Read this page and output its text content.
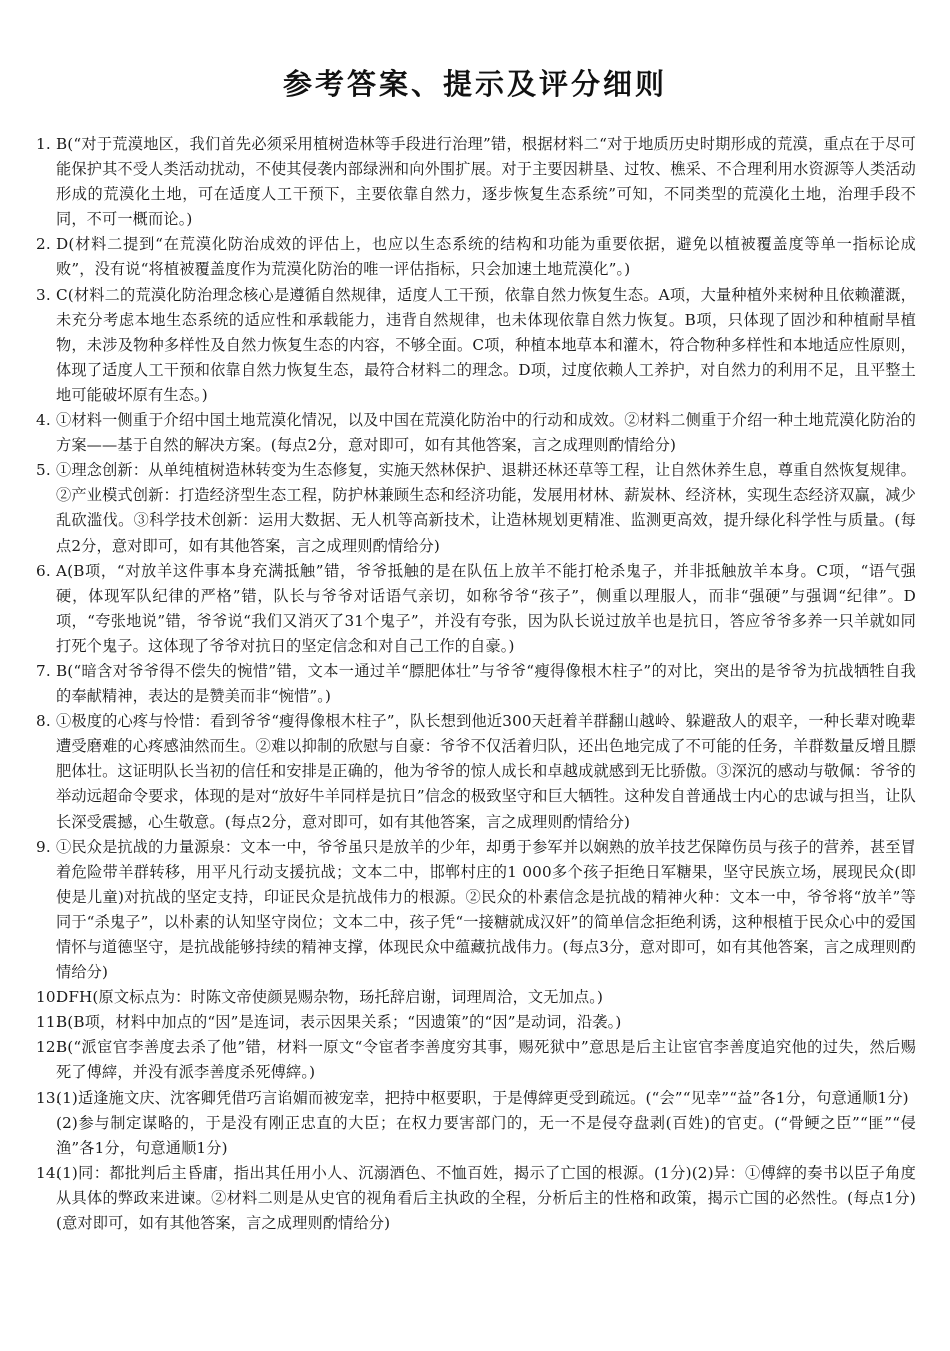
参考答案、提示及评分细则

1. B(“对于荒漠地区，我们首先必须采用植树造林等手段进行治理”错，根据材料二“对于地质历史时期形成的荒漠，重点在于尽可能保护其不受人类活动扰动，不使其侵袭内部绿洲和向外围扩展。对于主要因耕垦、过牧、樵采、不合理利用水资源等人类活动形成的荒漠化土地，可在适度人工干预下，主要依靠自然力，逐步恢复生态系统”可知，不同类型的荒漠化土地，治理手段不同，不可一概而论。)

2. D(材料二提到“在荒漠化防治成效的评估上，也应以生态系统的结构和功能为重要依据，避免以植被覆盖度等单一指标论成败”，没有说“将植被覆盖度作为荒漠化防治的唯一评估指标，只会加速土地荒漠化”。)

3. C(材料二的荒漠化防治理念核心是遵循自然规律，适度人工干预，依靠自然力恢复生态。A项，大量种植外来树种且依赖灌溉，未充分考虑本地生态系统的适应性和承载能力，违背自然规律，也未体现依靠自然力恢复。B项，只体现了固沙和种植耐旱植物，未涉及物种多样性及自然力恢复生态的内容，不够全面。C项，种植本地草本和灌木，符合物种多样性和本地适应性原则，体现了适度人工干预和依靠自然力恢复生态，最符合材料二的理念。D项，过度依赖人工养护，对自然力的利用不足，且平整土地可能破坏原有生态。)

4. ①材料一侧重于介绍中国土地荒漠化情况，以及中国在荒漠化防治中的行动和成效。②材料二侧重于介绍一种土地荒漠化防治的方案——基于自然的解决方案。(每点2分，意对即可，如有其他答案，言之成理则酌情给分)

5. ①理念创新：从单纯植树造林转变为生态修复，实施天然林保护、退耕还林还草等工程，让自然休养生息，尊重自然恢复规律。②产业模式创新：打造经济型生态工程，防护林兼顾生态和经济功能，发展用材林、薪炭林、经济林，实现生态经济双赢，减少乱砍滥伐。③科学技术创新：运用大数据、无人机等高新技术，让造林规划更精准、监测更高效，提升绿化科学性与质量。(每点2分，意对即可，如有其他答案，言之成理则酌情给分)

6. A(B项，“对放羊这件事本身充满抵触”错，爷爷抵触的是在队伍上放羊不能打枪杀鬼子，并非抵触放羊本身。C项，“语气强硬，体现军队纪律的严格”错，队长与爷爷对话语气亲切，如称爷爷“孩子”，侧重以理服人，而非“强硬”与强调“纪律”。D项，“夸张地说”错，爷爷说“我们又消灭了31个鬼子”，并没有夸张，因为队长说过放羊也是抗日，答应爷爷多养一只羊就如同打死个鬼子。这体现了爷爷对抗日的坚定信念和对自己工作的自豪。)

7. B(“暗含对爷爷得不偿失的惋惜”错，文本一通过羊“膘肥体壮”与爷爷“瘦得像根木柱子”的对比，突出的是爷爷为抗战牺牲自我的奉献精神，表达的是赞美而非“惋惜”。)

8. ①极度的心疼与怜惜：看到爷爷“瘦得像根木柱子”，队长想到他近300天赶着羊群翻山越岭、躲避敌人的艰辛，一种长辈对晚辈遭受磨难的心疼感油然而生。②难以抑制的欣慰与自豪：爷爷不仅活着归队，还出色地完成了不可能的任务，羊群数量反增且膘肥体壮。这证明队长当初的信任和安排是正确的，他为爷爷的惊人成长和卓越成就感到无比骄傲。③深沉的感动与敬佩：爷爷的举动远超命令要求，体现的是对“放好牛羊同样是抗日”信念的极致坚守和巨大牺牲。这种发自普通战士内心的忠诚与担当，让队长深受震撼，心生敬意。(每点2分，意对即可，如有其他答案，言之成理则酌情给分)

9. ①民众是抗战的力量源泉：文本一中，爷爷虽只是放羊的少年，却勇于参军并以娴熟的放羊技艺保障伤员与孩子的营养，甚至冒着危险带羊群转移，用平凡行动支援抗战；文本二中，邯郸村庄的1 000多个孩子拒绝日军糖果，坚守民族立场，展现民众(即使是儿童)对抗战的坚定支持，印证民众是抗战伟力的根源。②民众的朴素信念是抗战的精神火种：文本一中，爷爷将“放羊”等同于“杀鬼子”，以朴素的认知坚守岗位；文本二中，孩子凭“一接糖就成汉奸”的简单信念拒绝利诱，这种根植于民众心中的爱国情怀与道德坚守，是抗战能够持续的精神支撑，体现民众中蕴藏抗战伟力。(每点3分，意对即可，如有其他答案，言之成理则酌情给分)

10.
DFH(原文标点为：时陈文帝使颜晃赐杂物，玚托辞启谢，词理周洽，文无加点。)

11.
B(B项，材料中加点的“因”是连词，表示因果关系；“因遗策”的“因”是动词，沿袭。)

12.
B(“派宦官李善度去杀了他”错，材料一原文“令宦者李善度穷其事，赐死狱中”意思是后主让宦官李善度追究他的过失，然后赐死了傅縡，并没有派李善度杀死傅縡。)

13.
(1)适逢施文庆、沈客卿凭借巧言谄媚而被宠幸，把持中枢要职，于是傅縡更受到疏远。(“会”“见幸”“益”各1分，句意通顺1分)
(2)参与制定谋略的，于是没有刚正忠直的大臣；在权力要害部门的，无一不是侵夺盘剥(百姓)的官吏。(“骨鲠之臣”“匪”“侵渔”各1分，句意通顺1分)

14.
(1)同：都批判后主昏庸，指出其任用小人、沉溺酒色、不恤百姓，揭示了亡国的根源。(1分)(2)异：①傅縡的奏书以臣子角度从具体的弊政来进谏。②材料二则是从史官的视角看后主执政的全程，分析后主的性格和政策，揭示亡国的必然性。(每点1分)(意对即可，如有其他答案，言之成理则酌情给分)
